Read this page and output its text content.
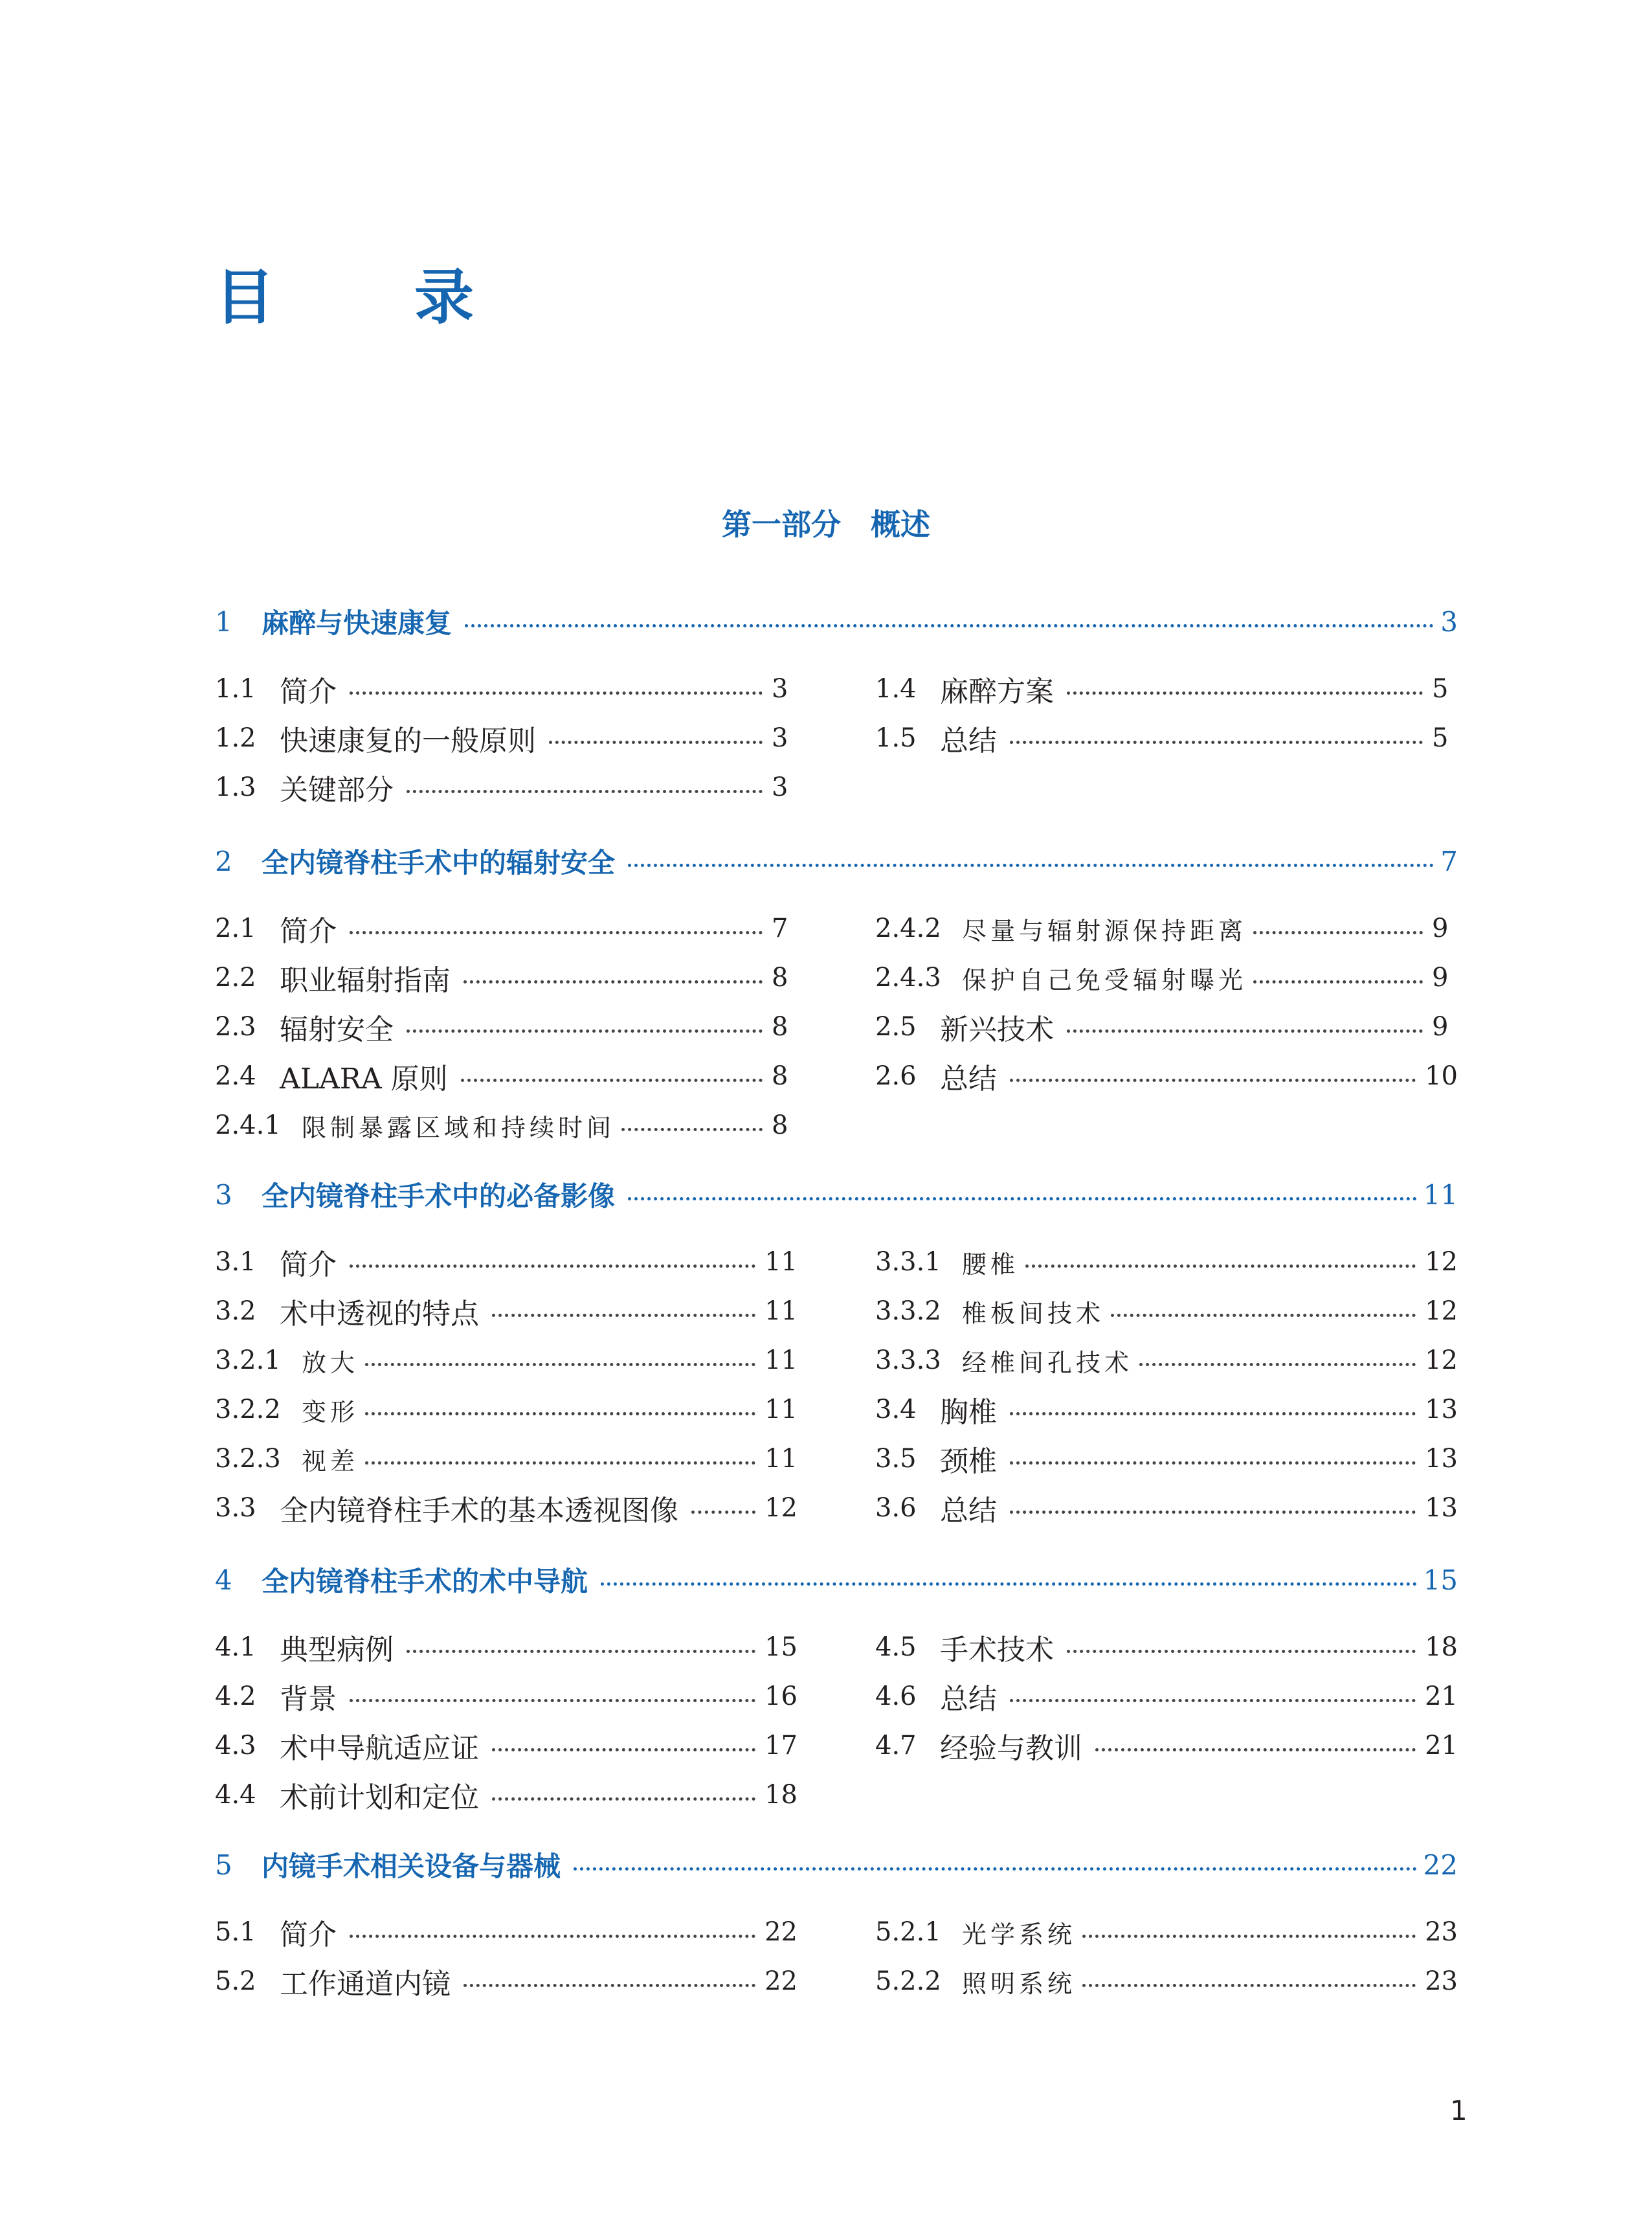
目 录
第一部分　概述
1	麻醉与快速康复	3
1.1 简介	3
1.2 快速康复的一般原则	3
1.3 关键部分	3
1.4 麻醉方案	5
1.5 总结	5
2	全内镜脊柱手术中的辐射安全	7
2.1 简介	7
2.2 职业辐射指南	8
2.3 辐射安全	8
2.4 ALARA 原则	8
2.4.1 限制暴露区域和持续时间	8
2.4.2 尽量与辐射源保持距离	9
2.4.3 保护自己免受辐射曝光	9
2.5 新兴技术	9
2.6 总结	10
3	全内镜脊柱手术中的必备影像	11
3.1 简介	11
3.2 术中透视的特点	11
3.2.1 放大	11
3.2.2 变形	11
3.2.3 视差	11
3.3 全内镜脊柱手术的基本透视图像	12
3.3.1 腰椎	12
3.3.2 椎板间技术	12
3.3.3 经椎间孔技术	12
3.4 胸椎	13
3.5 颈椎	13
3.6 总结	13
4	全内镜脊柱手术的术中导航	15
4.1 典型病例	15
4.2 背景	16
4.3 术中导航适应证	17
4.4 术前计划和定位	18
4.5 手术技术	18
4.6 总结	21
4.7 经验与教训	21
5	内镜手术相关设备与器械	22
5.1 简介	22
5.2 工作通道内镜	22
5.2.1 光学系统	23
5.2.2 照明系统	23
1
